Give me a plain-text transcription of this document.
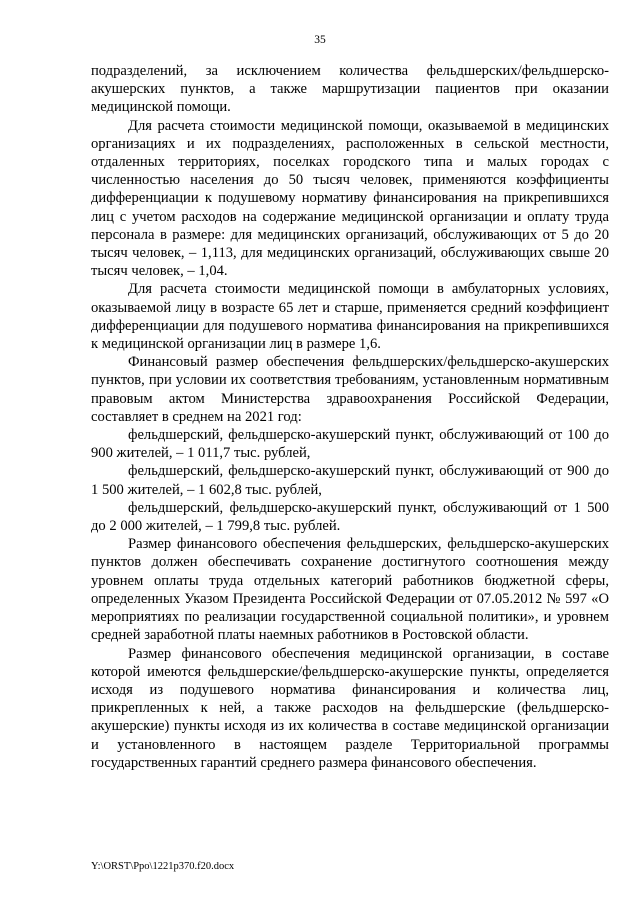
35

подразделений, за исключением количества фельдшерских/фельдшерско-акушерских пунктов, а также маршрутизации пациентов при оказании медицинской помощи.

Для расчета стоимости медицинской помощи, оказываемой в медицинских организациях и их подразделениях, расположенных в сельской местности, отдаленных территориях, поселках городского типа и малых городах с численностью населения до 50 тысяч человек, применяются коэффициенты дифференциации к подушевому нормативу финансирования на прикрепившихся лиц с учетом расходов на содержание медицинской организации и оплату труда персонала в размере: для медицинских организаций, обслуживающих от 5 до 20 тысяч человек, – 1,113, для медицинских организаций, обслуживающих свыше 20 тысяч человек, – 1,04.

Для расчета стоимости медицинской помощи в амбулаторных условиях, оказываемой лицу в возрасте 65 лет и старше, применяется средний коэффициент дифференциации для подушевого норматива финансирования на прикрепившихся к медицинской организации лиц в размере 1,6.

Финансовый размер обеспечения фельдшерских/фельдшерско-акушерских пунктов, при условии их соответствия требованиям, установленным нормативным правовым актом Министерства здравоохранения Российской Федерации, составляет в среднем на 2021 год:

фельдшерский, фельдшерско-акушерский пункт, обслуживающий от 100 до 900 жителей, – 1 011,7 тыс. рублей,

фельдшерский, фельдшерско-акушерский пункт, обслуживающий от 900 до 1 500 жителей, – 1 602,8 тыс. рублей,

фельдшерский, фельдшерско-акушерский пункт, обслуживающий от 1 500 до 2 000 жителей, – 1 799,8 тыс. рублей.

Размер финансового обеспечения фельдшерских, фельдшерско-акушерских пунктов должен обеспечивать сохранение достигнутого соотношения между уровнем оплаты труда отдельных категорий работников бюджетной сферы, определенных Указом Президента Российской Федерации от 07.05.2012 № 597 «О мероприятиях по реализации государственной социальной политики», и уровнем средней заработной платы наемных работников в Ростовской области.

Размер финансового обеспечения медицинской организации, в составе которой имеются фельдшерские/фельдшерско-акушерские пункты, определяется исходя из подушевого норматива финансирования и количества лиц, прикрепленных к ней, а также расходов на фельдшерские (фельдшерско-акушерские) пункты исходя из их количества в составе медицинской организации и установленного в настоящем разделе Территориальной программы государственных гарантий среднего размера финансового обеспечения.

Y:\ORST\Ppo\1221p370.f20.docx
